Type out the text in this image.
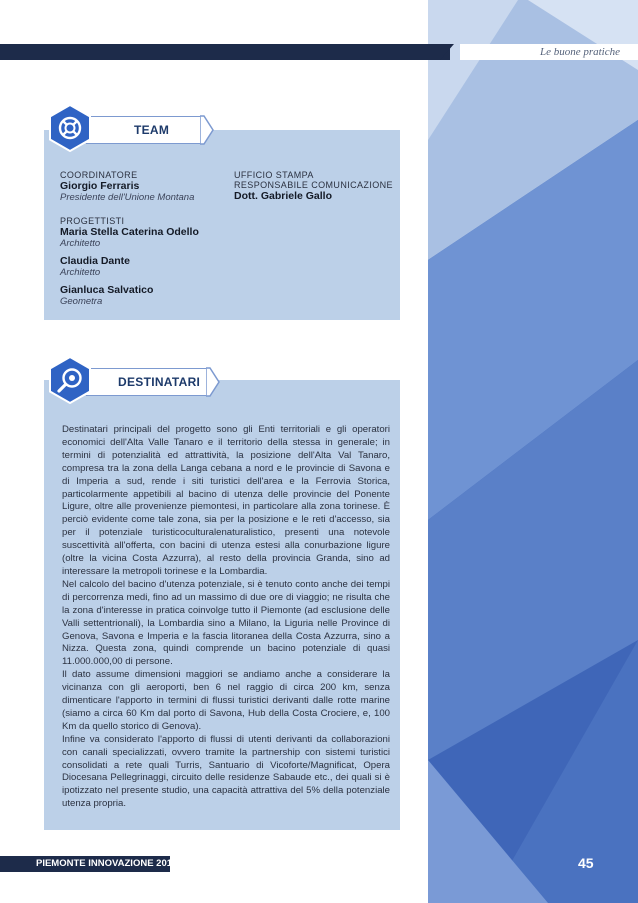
Le buone pratiche
TEAM
COORDINATORE
Giorgio Ferraris
Presidente dell'Unione Montana
UFFICIO STAMPA
RESPONSABILE COMUNICAZIONE
Dott. Gabriele Gallo
PROGETTISTI
Maria Stella Caterina Odello
Architetto
Claudia Dante
Architetto
Gianluca Salvatico
Geometra
DESTINATARI

Destinatari principali del progetto sono gli Enti territoriali e gli operatori economici dell'Alta Valle Tanaro e il territorio della stessa in generale; in termini di potenzialità ed attrattività, la posizione dell'Alta Val Tanaro, compresa tra la zona della Langa cebana a nord e le provincie di Savona e di Imperia a sud, rende i siti turistici dell'area e la Ferrovia Storica, particolarmente appetibili al bacino di utenza delle provincie del Ponente Ligure, oltre alle provenienze piemontesi, in particolare alla zona torinese. È perciò evidente come tale zona, sia per la posizione e le reti d'accesso, sia per il potenziale turisticoculturalenaturalistico, presenti una notevole suscettività all'offerta, con bacini di utenza estesi alla conurbazione ligure (oltre la vicina Costa Azzurra), al resto della provincia Granda, sino ad interessare la metropoli torinese e la Lombardia.

Nel calcolo del bacino d'utenza potenziale, si è tenuto conto anche dei tempi di percorrenza medi, fino ad un massimo di due ore di viaggio; ne risulta che la zona d'interesse in pratica coinvolge tutto il Piemonte (ad esclusione delle Valli settentrionali), la Lombardia sino a Milano, la Liguria nelle Province di Genova, Savona e Imperia e la fascia litoranea della Costa Azzurra, sino a Nizza. Questa zona, quindi comprende un bacino potenziale di quasi 11.000.000,00 di persone.

Il dato assume dimensioni maggiori se andiamo anche a considerare la vicinanza con gli aeroporti, ben 6 nel raggio di circa 200 km, senza dimenticare l'apporto in termini di flussi turistici derivanti dalle rotte marine (siamo a circa 60 Km dal porto di Savona, Hub della Costa Crociere, e, 100 Km da quello storico di Genova).

Infine va considerato l'apporto di flussi di utenti derivanti da collaborazioni con canali specializzati, ovvero tramite la partnership con sistemi turistici consolidati a rete quali Turris, Santuario di Vicoforte/Magnificat, Opera Diocesana Pellegrinaggi, circuito delle residenze Sabaude etc., dei quali si è ipotizzato nel presente studio, una capacità attrattiva del 5% della potenziale utenza propria.

PIEMONTE INNOVAZIONE 2018	45
